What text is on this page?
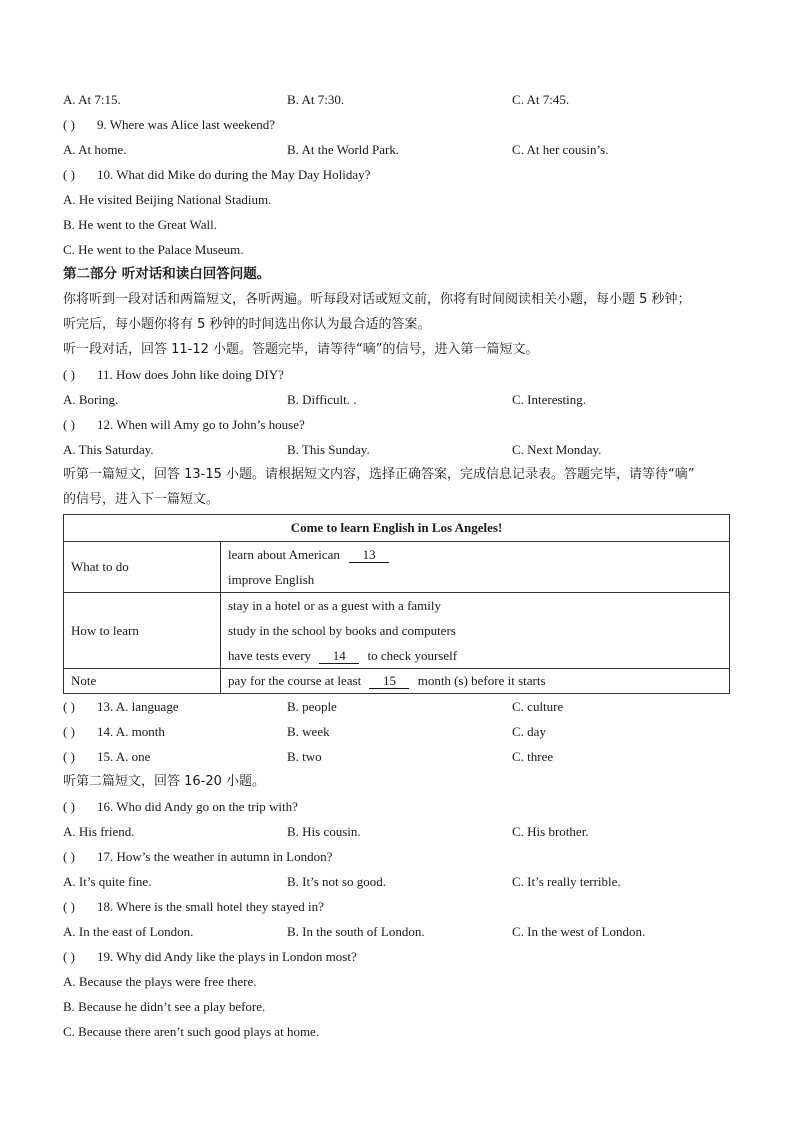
A. At 7:15.	B. At 7:30.	C. At 7:45.
( ) 9. Where was Alice last weekend?
A. At home.	B. At the World Park.	C. At her cousin’s.
( ) 10. What did Mike do during the May Day Holiday?
A. He visited Beijing National Stadium.
B. He went to the Great Wall.
C. He went to the Palace Museum.
第二部分 听对话和读白回答问题。
你将听到一段对话和两篇短文，各听两遍。听每段对话或短文前，你将有时间阅读相关小题，每小题 5 秒钟；
听完后，每小题你将有 5 秒钟的时间选出你认为最合适的答案。
听一段对话，回答 11-12 小题。答题完毕，请等待“嘀”的信号，进入第一篇短文。
( ) 11. How does John like doing DIY?
A. Boring.	B. Difficult. .	C. Interesting.
( ) 12. When will Amy go to John’s house?
A. This Saturday.	B. This Sunday.	C. Next Monday.
听第一篇短文，回答 13-15 小题。请根据短文内容，选择正确答案，完成信息记录表。答题完毕，请等待“嘀”
的信号，进入下一篇短文。
Come to learn English in Los Angeles!	
What to do	learn about American 13
improve English

How to learn	stay in a hotel or as a guest with a family
study in the school by books and computers
have tests every 14 to check yourself

Note	pay for the course at least 15 month (s) before it starts
( ) 13. A. language	B. people	C. culture
( ) 14. A. month	B. week	C. day
( ) 15. A. one	B. two	C. three
听第二篇短文，回答 16-20 小题。
( ) 16. Who did Andy go on the trip with?
A. His friend.	B. His cousin.	C. His brother.
( ) 17. How’s the weather in autumn in London?
A. It’s quite fine.	B. It’s not so good.	C. It’s really terrible.
( ) 18. Where is the small hotel they stayed in?
A. In the east of London.	B. In the south of London.	C. In the west of London.
( ) 19. Why did Andy like the plays in London most?
A. Because the plays were free there.
B. Because he didn’t see a play before.
C. Because there aren’t such good plays at home.
